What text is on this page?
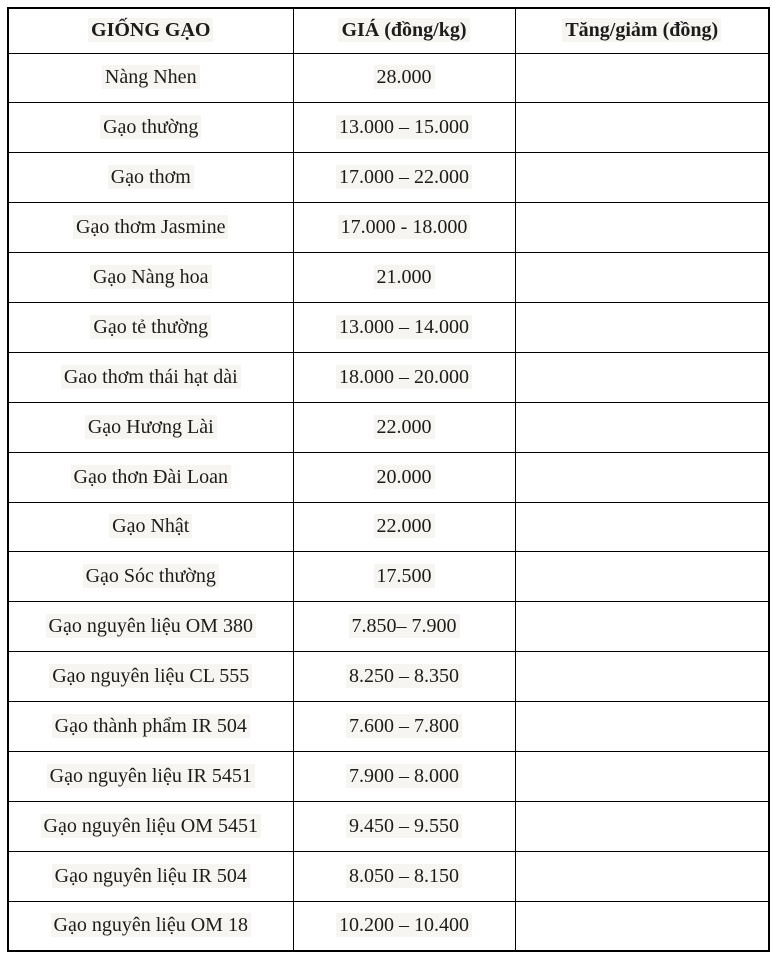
GIỐNG GẠO	GIÁ (đồng/kg)	Tăng/giảm (đồng)
Nàng Nhen	28.000	
Gạo thường	13.000 – 15.000	
Gạo thơm	17.000 – 22.000	
Gạo thơm Jasmine	17.000 - 18.000	
Gạo Nàng hoa	21.000	
Gạo tẻ thường	13.000 – 14.000	
Gao thơm thái hạt dài	18.000 – 20.000	
Gạo Hương Lài	22.000	
Gạo thơn Đài Loan	20.000	
Gạo Nhật	22.000	
Gạo Sóc thường	17.500	
Gạo nguyên liệu OM 380	7.850– 7.900	
Gạo nguyên liệu CL 555	8.250 – 8.350	
Gạo thành phẩm IR 504	7.600 – 7.800	
Gạo nguyên liệu IR 5451	7.900 – 8.000	
Gạo nguyên liệu OM 5451	9.450 – 9.550	
Gạo nguyên liệu IR 504	8.050 – 8.150	
Gạo nguyên liệu OM 18	10.200 – 10.400	
